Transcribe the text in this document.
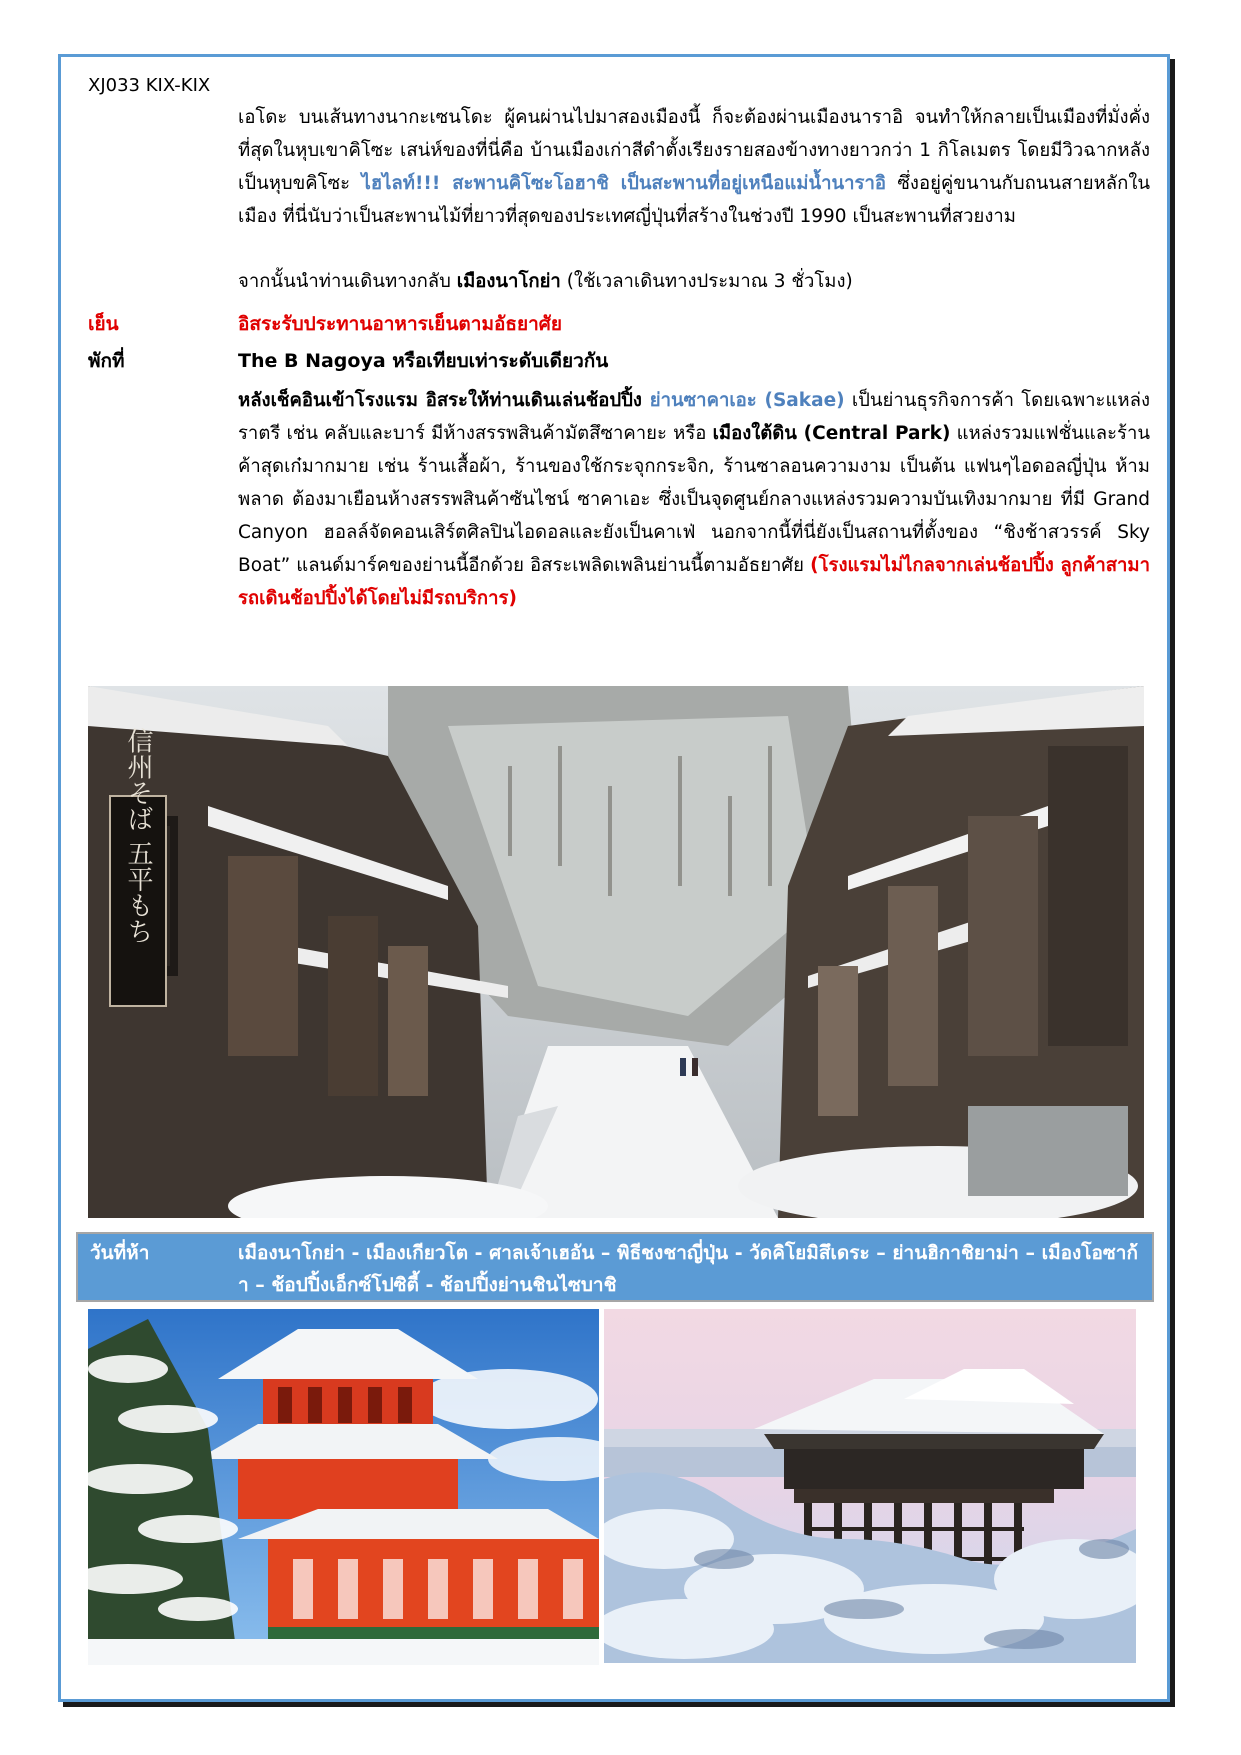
XJ033 KIX-KIX
เอโดะ บนเส้นทางนากะเซนโดะ ผู้คนผ่านไปมาสองเมืองนี้ ก็จะต้องผ่านเมืองนาราอิ จนทำให้กลายเป็นเมืองที่มั่งคั่งที่สุดในหุบเขาคิโซะ เสน่ห์ของที่นี่คือ บ้านเมืองเก่าสีดำตั้งเรียงรายสองข้างทางยาวกว่า 1 กิโลเมตร โดยมีวิวฉากหลังเป็นหุบขคิโซะ ไฮไลท์!!! สะพานคิโซะโอฮาชิ เป็นสะพานที่อยู่เหนือแม่น้ำนาราอิ ซึ่งอยู่คู่ขนานกับถนนสายหลักในเมือง ที่นี่นับว่าเป็นสะพานไม้ที่ยาวที่สุดของประเทศญี่ปุ่นที่สร้างในช่วงปี 1990 เป็นสะพานที่สวยงาม
จากนั้นนำท่านเดินทางกลับ เมืองนาโกย่า (ใช้เวลาเดินทางประมาณ 3 ชั่วโมง)
เย็น	อิสระรับประทานอาหารเย็นตามอัธยาศัย
พักที่	The B Nagoya หรือเทียบเท่าระดับเดียวกัน
หลังเช็คอินเข้าโรงแรม อิสระให้ท่านเดินเล่นช้อปปิ้ง ย่านซาคาเอะ (Sakae) เป็นย่านธุรกิจการค้า โดยเฉพาะแหล่งราตรี เช่น คลับและบาร์ มีห้างสรรพสินค้ามัตสึซาคายะ หรือ เมืองใต้ดิน (Central Park) แหล่งรวมแฟชั่นและร้านค้าสุดเก๋มากมาย เช่น ร้านเสื้อผ้า, ร้านของใช้กระจุกกระจิก, ร้านซาลอนความงาม เป็นต้น แฟนๆไอดอลญี่ปุ่น ห้ามพลาด ต้องมาเยือนห้างสรรพสินค้าซันไชน์ ซาคาเอะ ซึ่งเป็นจุดศูนย์กลางแหล่งรวมความบันเทิงมากมาย ที่มี Grand Canyon ฮอลล์จัดคอนเสิร์ตศิลปินไอดอลและยังเป็นคาเฟ่ นอกจากนี้ที่นี่ยังเป็นสถานที่ตั้งของ “ชิงช้าสวรรค์ Sky Boat” แลนด์มาร์คของย่านนี้อีกด้วย อิสระเพลิดเพลินย่านนี้ตามอัธยาศัย (โรงแรมไม่ไกลจากเล่นช้อปปิ้ง ลูกค้าสามารถเดินช้อปปิ้งได้โดยไม่มีรถบริการ)
信州そば 五平もち
วันที่ห้า	เมืองนาโกย่า - เมืองเกียวโต - ศาลเจ้าเฮอัน – พิธีชงชาญี่ปุ่น - วัดคิโยมิสึเดระ – ย่านฮิกาชิยาม่า – เมืองโอซาก้า – ช้อปปิ้งเอ็กซ์โปซิตี้ - ช้อปปิ้งย่านชินไซบาชิ
